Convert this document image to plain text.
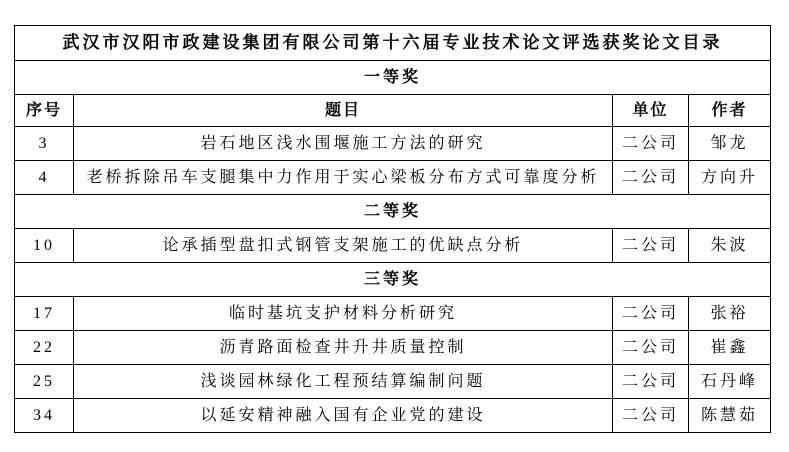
武汉市汉阳市政建设集团有限公司第十六届专业技术论文评选获奖论文目录			
一等奖			
序号	题目	单位	作者
3	岩石地区浅水围堰施工方法的研究	二公司	邹龙
4	老桥拆除吊车支腿集中力作用于实心梁板分布方式可靠度分析	二公司	方向升
二等奖			
10	论承插型盘扣式钢管支架施工的优缺点分析	二公司	朱波
三等奖			
17	临时基坑支护材料分析研究	二公司	张裕
22	沥青路面检查井升井质量控制	二公司	崔鑫
25	浅谈园林绿化工程预结算编制问题	二公司	石丹峰
34	以延安精神融入国有企业党的建设	二公司	陈慧茹
